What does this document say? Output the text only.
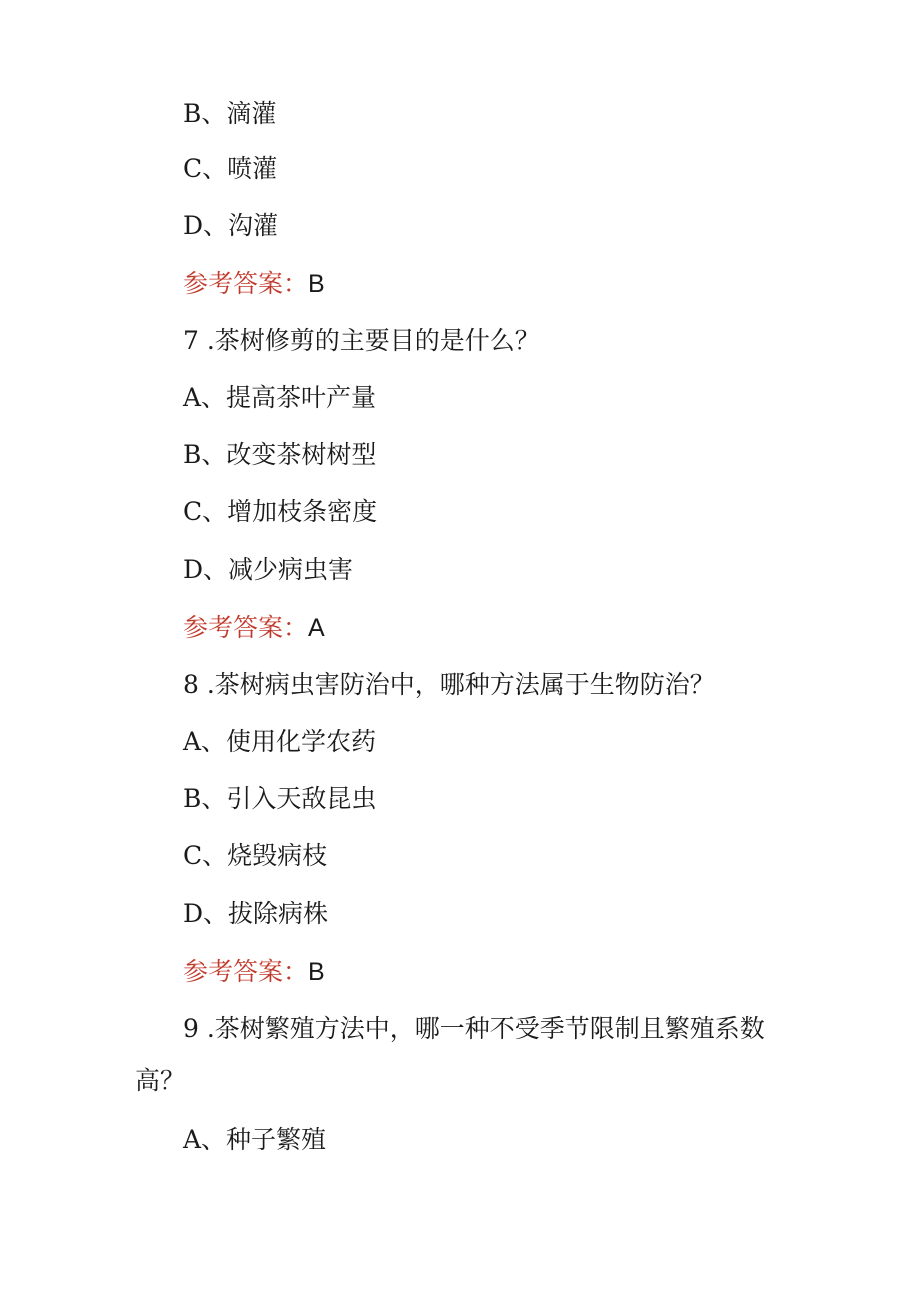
B、滴灌
C、喷灌
D、沟灌
参考答案：B
7 .茶树修剪的主要目的是什么？
A、提高茶叶产量
B、改变茶树树型
C、增加枝条密度
D、减少病虫害
参考答案：A
8 .茶树病虫害防治中，哪种方法属于生物防治？
A、使用化学农药
B、引入天敌昆虫
C、烧毁病枝
D、拔除病株
参考答案：B
9 .茶树繁殖方法中，哪一种不受季节限制且繁殖系数
高？
A、种子繁殖
